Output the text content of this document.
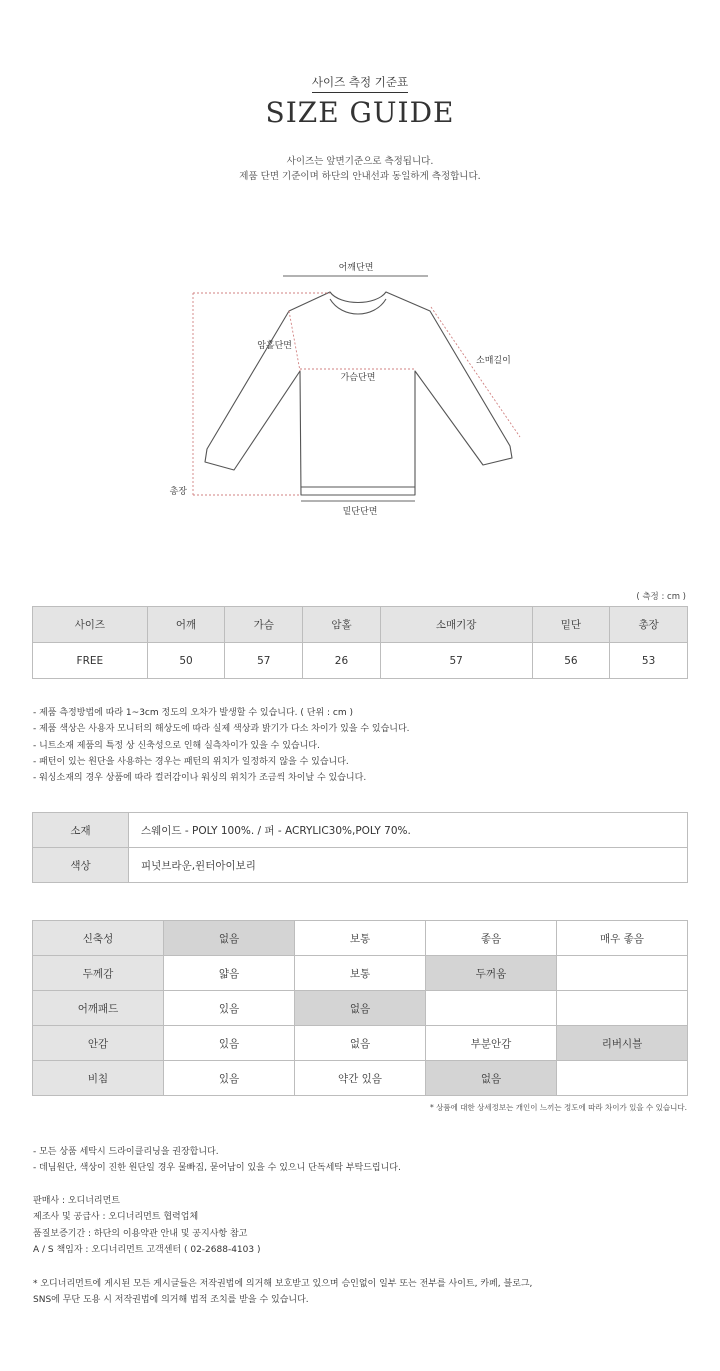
사이즈 측정 기준표
SIZE GUIDE
사이즈는 앞면기준으로 측정됩니다.
제품 단면 기준이며 하단의 안내선과 동일하게 측정합니다.
어깨단면
암홀단면
가슴단면
소매길이
총장
밑단단면
( 측정 : cm )
사이즈	어깨	가슴	암홀	소매기장	밑단	총장
FREE	50	57	26	57	56	53
- 제품 측정방법에 따라 1~3cm 정도의 오차가 발생할 수 있습니다. ( 단위 : cm )
- 제품 색상은 사용자 모니터의 해상도에 따라 실제 색상과 밝기가 다소 차이가 있을 수 있습니다.
- 니트소재 제품의 특정 상 신축성으로 인해 실측차이가 있을 수 있습니다.
- 패턴이 있는 원단을 사용하는 경우는 패턴의 위치가 일정하지 않을 수 있습니다.
- 워싱소재의 경우 상품에 따라 컬러감이나 워싱의 위치가 조금씩 차이날 수 있습니다.
소재	스웨이드 - POLY 100%. / 퍼 - ACRYLIC30%,POLY 70%.
색상	피넛브라운,윈터아이보리
신축성	없음	보통	좋음	매우 좋음
두께감	얇음	보통	두꺼움	
어깨패드	있음	없음		
안감	있음	없음	부분안감	리버시블
비침	있음	약간 있음	없음	
* 상품에 대한 상세정보는 개인이 느끼는 정도에 따라 차이가 있을 수 있습니다.
- 모든 상품 세탁시 드라이클리닝을 권장합니다.
- 데님원단, 색상이 진한 원단일 경우 물빠짐, 묻어남이 있을 수 있으니 단독세탁 부탁드립니다.
판매사 : 오디너리먼트
제조사 및 공급사 : 오디너리먼트 협력업체
품질보증기간 : 하단의 이용약관 안내 및 공지사항 참고
A / S 책임자 : 오디너리먼트 고객센터 ( 02-2688-4103 )
* 오디너리먼트에 게시된 모든 게시글들은 저작권법에 의거해 보호받고 있으며 승인없이 일부 또는 전부를 사이트, 카페, 블로그,
SNS에 무단 도용 시 저작권법에 의거해 법적 조치를 받을 수 있습니다.
